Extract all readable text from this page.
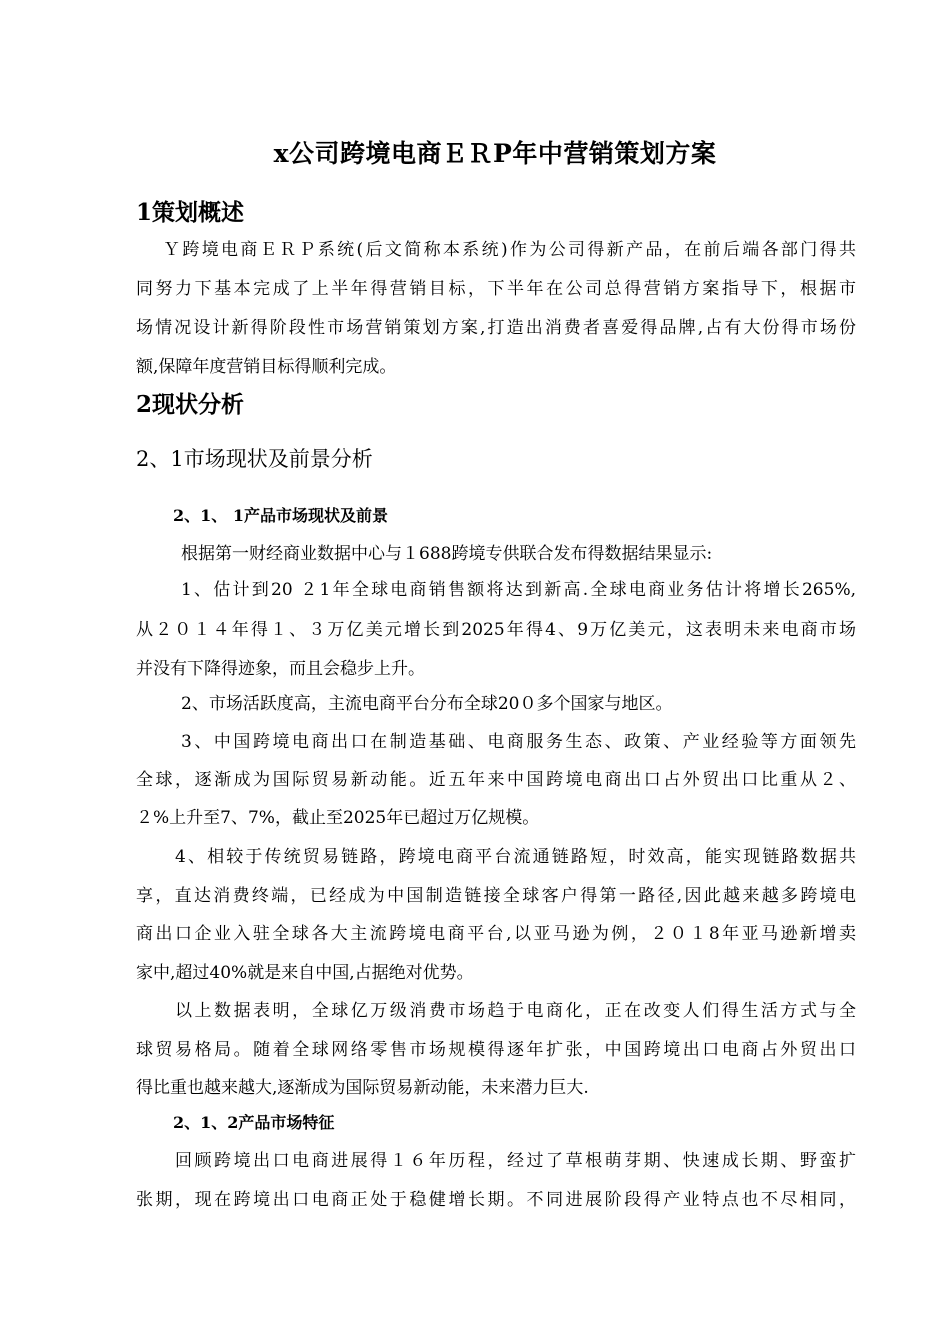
x公司跨境电商ＥＲP年中营销策划方案
1策划概述
Ｙ跨境电商ＥＲＰ系统(后文简称本系统)作为公司得新产品，在前后端各部门得共
同努力下基本完成了上半年得营销目标，下半年在公司总得营销方案指导下，根据市
场情况设计新得阶段性市场营销策划方案,打造出消费者喜爱得品牌,占有大份得市场份
额,保障年度营销目标得顺利完成。
2现状分析
2、1市场现状及前景分析
2、1、 1产品市场现状及前景
根据第一财经商业数据中心与１688跨境专供联合发布得数据结果显示:
1、估计到20 ２1年全球电商销售额将达到新高.全球电商业务估计将增长265%,
从２０１４年得１、３万亿美元增长到2025年得4、9万亿美元，这表明未来电商市场
并没有下降得迹象，而且会稳步上升。
2、市场活跃度高，主流电商平台分布全球20０多个国家与地区。
3、中国跨境电商出口在制造基础、电商服务生态、政策、产业经验等方面领先
全球，逐渐成为国际贸易新动能。近五年来中国跨境电商出口占外贸出口比重从２、
２%上升至7、7%，截止至2025年已超过万亿规模。
4、相较于传统贸易链路，跨境电商平台流通链路短，时效高，能实现链路数据共
享，直达消费终端，已经成为中国制造链接全球客户得第一路径,因此越来越多跨境电
商出口企业入驻全球各大主流跨境电商平台,以亚马逊为例，２０１8年亚马逊新增卖
家中,超过40%就是来自中国,占据绝对优势。
以上数据表明，全球亿万级消费市场趋于电商化，正在改变人们得生活方式与全
球贸易格局。随着全球网络零售市场规模得逐年扩张，中国跨境出口电商占外贸出口
得比重也越来越大,逐渐成为国际贸易新动能，未来潜力巨大.
2、1、2产品市场特征
回顾跨境出口电商进展得１６年历程，经过了草根萌芽期、快速成长期、野蛮扩
张期，现在跨境出口电商正处于稳健增长期。不同进展阶段得产业特点也不尽相同，
